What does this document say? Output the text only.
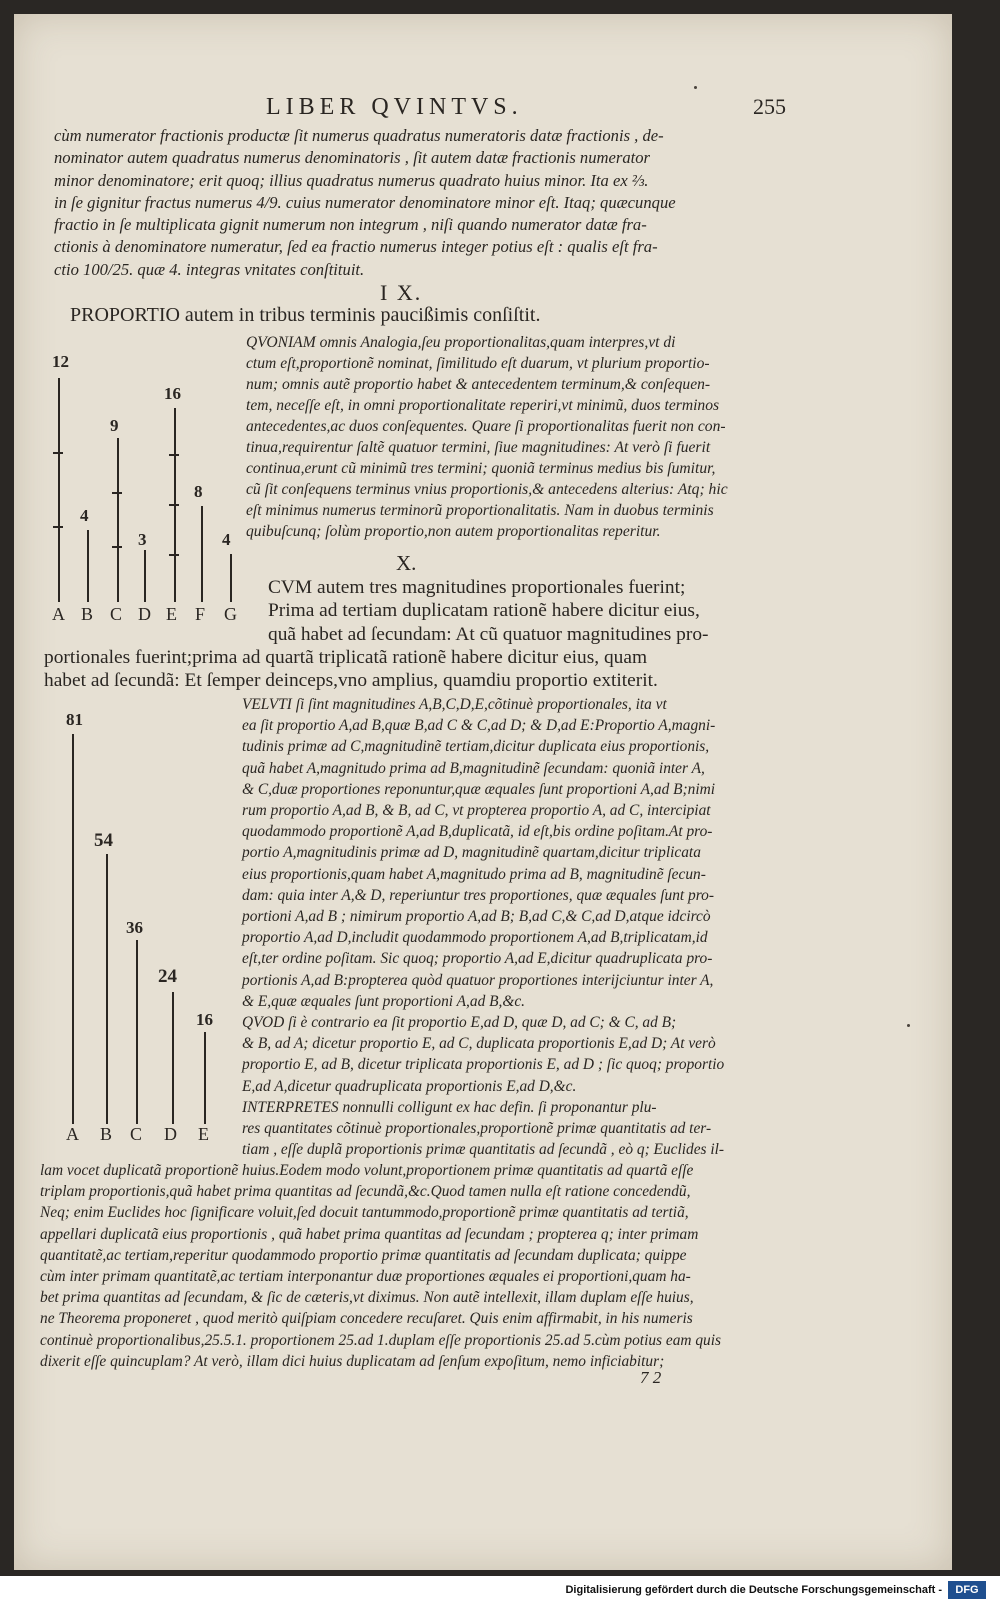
LIBER QVINTVS.	255
cùm numerator fractionis productæ ſit numerus quadratus numeratoris datæ fractionis , de-
nominator autem quadratus numerus denominatoris , ſit autem datæ fractionis numerator
minor denominatore; erit quoq; illius quadratus numerus quadrato huius minor. Ita ex ⅔.
in ſe gignitur fractus numerus 4/9. cuius numerator denominatore minor eſt. Itaq; quæcunque
fractio in ſe multiplicata gignit numerum non integrum , niſi quando numerator datæ fra-
ctionis à denominatore numeratur, ſed ea fractio numerus integer potius eſt : qualis eſt fra-
ctio 100/25. quæ 4. integras vnitates conſtituit.
I X.
PROPORTIO autem in tribus terminis paucißimis conſiſtit.
QVONIAM omnis Analogia,ſeu proportionalitas,quam interpres,vt di
ctum eſt,proportionẽ nominat, ſimilitudo eſt duarum, vt plurium proportio-
num; omnis autẽ proportio habet & antecedentem terminum,& conſequen-
tem, neceſſe eſt, in omni proportionalitate reperiri,vt minimũ, duos terminos
antecedentes,ac duos conſequentes. Quare ſi proportionalitas fuerit non con-
tinua,requirentur ſaltẽ quatuor termini, ſiue magnitudines: At verò ſi fuerit
continua,erunt cũ minimũ tres termini; quoniã terminus medius bis ſumitur,
cũ ſit conſequens terminus vnius proportionis,& antecedens alterius: Atq; hic
eſt minimus numerus terminorũ proportionalitatis. Nam in duobus terminis
quibuſcunq; ſolùm proportio,non autem proportionalitas reperitur.
12
4
9
3
16
8
4
A B C D E F G
X.
CVM autem tres magnitudines proportionales fuerint;
Prima ad tertiam duplicatam rationẽ habere dicitur eius,
quã habet ad ſecundam: At cũ quatuor magnitudines pro-
portionales fuerint;prima ad quartã triplicatã rationẽ habere dicitur eius, quam
habet ad ſecundã: Et ſemper deinceps,vno amplius, quamdiu proportio extiterit.
VELVTI ſi ſint magnitudines A,B,C,D,E,cõtinuè proportionales, ita vt
ea ſit proportio A,ad B,quæ B,ad C & C,ad D; & D,ad E:Proportio A,magni-
tudinis primæ ad C,magnitudinẽ tertiam,dicitur duplicata eius proportionis,
quã habet A,magnitudo prima ad B,magnitudinẽ ſecundam: quoniã inter A,
& C,duæ proportiones reponuntur,quæ æquales ſunt proportioni A,ad B;nimi
rum proportio A,ad B, & B, ad C, vt propterea proportio A, ad C, intercipiat
quodammodo proportionẽ A,ad B,duplicatã, id eſt,bis ordine poſitam.At pro-
portio A,magnitudinis primæ ad D, magnitudinẽ quartam,dicitur triplicata
eius proportionis,quam habet A,magnitudo prima ad B, magnitudinẽ ſecun-
dam: quia inter A,& D, reperiuntur tres proportiones, quæ æquales ſunt pro-
portioni A,ad B ; nimirum proportio A,ad B; B,ad C,& C,ad D,atque idcircò
proportio A,ad D,includit quodammodo proportionem A,ad B,triplicatam,id
eſt,ter ordine poſitam. Sic quoq; proportio A,ad E,dicitur quadruplicata pro-
portionis A,ad B:propterea quòd quatuor proportiones interijciuntur inter A,
& E,quæ æquales ſunt proportioni A,ad B,&c.
QVOD ſi è contrario ea ſit proportio E,ad D, quæ D, ad C; & C, ad B;
& B, ad A; dicetur proportio E, ad C, duplicata proportionis E,ad D; At verò
proportio E, ad B, dicetur triplicata proportionis E, ad D ; ſic quoq; proportio
E,ad A,dicetur quadruplicata proportionis E,ad D,&c.
INTERPRETES nonnulli colligunt ex hac defin. ſi proponantur plu-
res quantitates cõtinuè proportionales,proportionẽ primæ quantitatis ad ter-
tiam , eſſe duplã proportionis primæ quantitatis ad ſecundã , eò q; Euclides il-
lam vocet duplicatã proportionẽ huius.Eodem modo volunt,proportionem primæ quantitatis ad quartã eſſe
triplam proportionis,quã habet prima quantitas ad ſecundã,&c.Quod tamen nulla eſt ratione concedendũ,
Neq; enim Euclides hoc ſignificare voluit,ſed docuit tantummodo,proportionẽ primæ quantitatis ad tertiã,
appellari duplicatã eius proportionis , quã habet prima quantitas ad ſecundam ; propterea q; inter primam
quantitatẽ,ac tertiam,reperitur quodammodo proportio primæ quantitatis ad ſecundam duplicata; quippe
cùm inter primam quantitatẽ,ac tertiam interponantur duæ proportiones æquales ei proportioni,quam ha-
bet prima quantitas ad ſecundam, & ſic de cæteris,vt diximus. Non autẽ intellexit, illam duplam eſſe huius,
ne Theorema proponeret , quod meritò quiſpiam concedere recuſaret. Quis enim affirmabit, in his numeris
continuè proportionalibus,25.5.1. proportionem 25.ad 1.duplam eſſe proportionis 25.ad 5.cùm potius eam quis
dixerit eſſe quincuplam? At verò, illam dici huius duplicatam ad ſenſum expoſitum, nemo inficiabitur;
81
54
36
24
16
A B C D E
7 2
Digitalisierung gefördert durch die Deutsche Forschungsgemeinschaft -	DFG
